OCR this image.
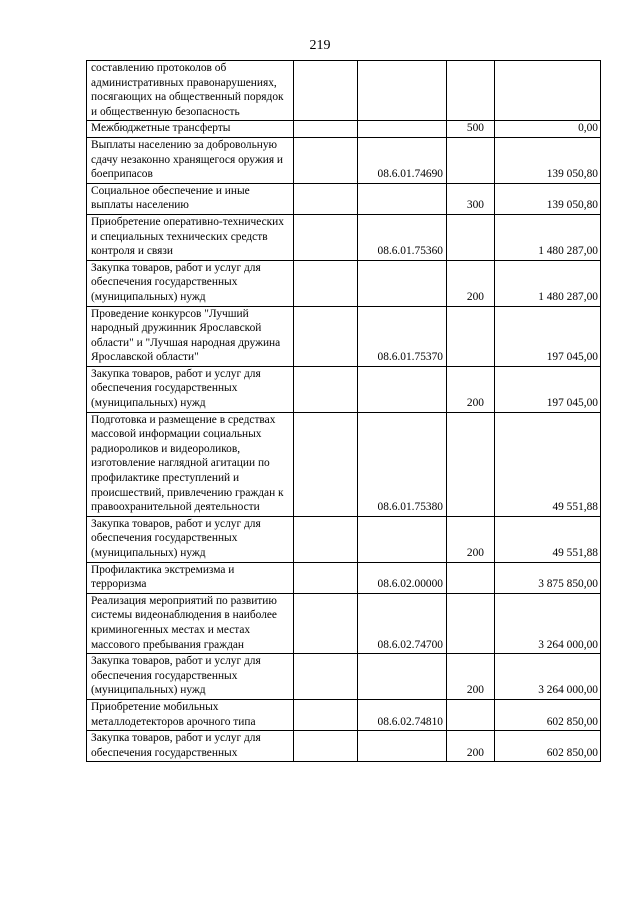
219
составлению протоколов об административных правонарушениях, посягающих на общественный порядок и общественную безопасность				
Межбюджетные трансферты			500	0,00
Выплаты населению за добровольную сдачу незаконно хранящегося оружия и боеприпасов		08.6.01.74690		139 050,80
Социальное обеспечение и иные выплаты населению			300	139 050,80
Приобретение оперативно-технических и специальных технических средств контроля и связи		08.6.01.75360		1 480 287,00
Закупка товаров, работ и услуг для обеспечения государственных (муниципальных) нужд			200	1 480 287,00
Проведение конкурсов "Лучший народный дружинник Ярославской области" и "Лучшая народная дружина Ярославской области"		08.6.01.75370		197 045,00
Закупка товаров, работ и услуг для обеспечения государственных (муниципальных) нужд			200	197 045,00
Подготовка и размещение в средствах массовой информации социальных радиороликов и видеороликов, изготовление наглядной агитации по профилактике преступлений и происшествий, привлечению граждан к правоохранительной деятельности		08.6.01.75380		49 551,88
Закупка товаров, работ и услуг для обеспечения государственных (муниципальных) нужд			200	49 551,88
Профилактика экстремизма и терроризма		08.6.02.00000		3 875 850,00
Реализация мероприятий по развитию системы видеонаблюдения в наиболее криминогенных местах и местах массового пребывания граждан		08.6.02.74700		3 264 000,00
Закупка товаров, работ и услуг для обеспечения государственных (муниципальных) нужд			200	3 264 000,00
Приобретение мобильных металлодетекторов арочного типа		08.6.02.74810		602 850,00
Закупка товаров, работ и услуг для обеспечения государственных			200	602 850,00
